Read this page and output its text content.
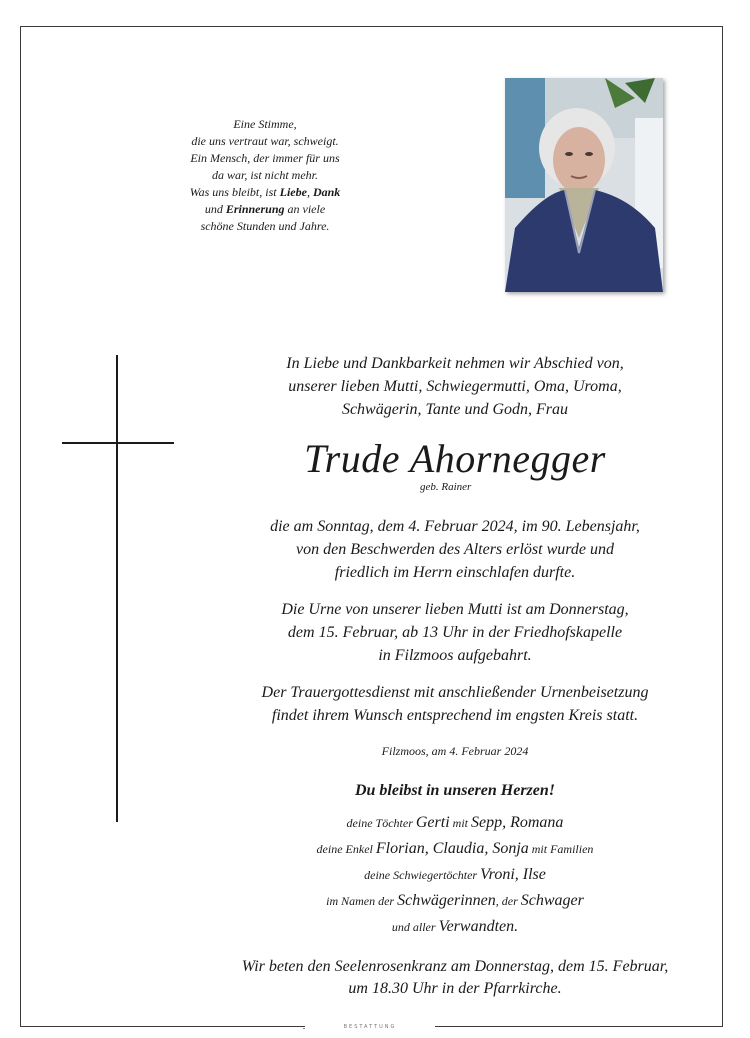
Eine Stimme,
die uns vertraut war, schweigt.
Ein Mensch, der immer für uns
da war, ist nicht mehr.
Was uns bleibt, ist Liebe, Dank
und Erinnerung an viele
schöne Stunden und Jahre.
In Liebe und Dankbarkeit nehmen wir Abschied von,
unserer lieben Mutti, Schwiegermutti, Oma, Uroma,
Schwägerin, Tante und Godn, Frau
Trude Ahornegger
geb. Rainer
die am Sonntag, dem 4. Februar 2024, im 90. Lebensjahr,
von den Beschwerden des Alters erlöst wurde und
friedlich im Herrn einschlafen durfte.
Die Urne von unserer lieben Mutti ist am Donnerstag,
dem 15. Februar, ab 13 Uhr in der Friedhofskapelle
in Filzmoos aufgebahrt.
Der Trauergottesdienst mit anschließender Urnenbeisetzung
findet ihrem Wunsch entsprechend im engsten Kreis statt.
Filzmoos, am 4. Februar 2024
Du bleibst in unseren Herzen!
deine Töchter Gerti mit Sepp, Romana
deine Enkel Florian, Claudia, Sonja mit Familien
deine Schwiegertöchter Vroni, Ilse
im Namen der Schwägerinnen, der Schwager
und aller Verwandten.
Wir beten den Seelenrosenkranz am Donnerstag, dem 15. Februar,
um 18.30 Uhr in der Pfarrkirche.
BESTATTUNG
